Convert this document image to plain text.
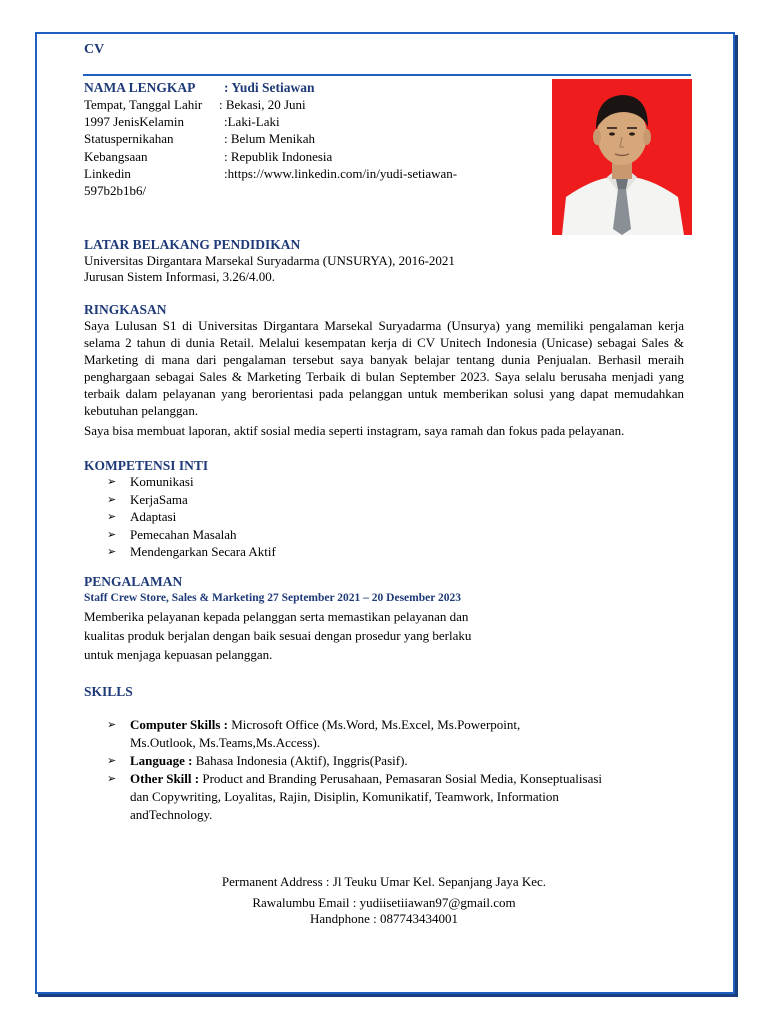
CV
NAMA LENGKAP : Yudi Setiawan
Tempat, Tanggal Lahir : Bekasi, 20 Juni
1997 JenisKelamin	:Laki-Laki
Statuspernikahan	: Belum Menikah
Kebangsaan	: Republik Indonesia
Linkedin	:https://www.linkedin.com/in/yudi-setiawan-
597b2b1b6/
LATAR BELAKANG PENDIDIKAN
Universitas Dirgantara Marsekal Suryadarma (UNSURYA), 2016-2021
Jurusan Sistem Informasi, 3.26/4.00.
RINGKASAN
Saya Lulusan S1 di Universitas Dirgantara Marsekal Suryadarma (Unsurya) yang memiliki pengalaman kerja selama 2 tahun di dunia Retail. Melalui kesempatan kerja di CV Unitech Indonesia (Unicase) sebagai Sales & Marketing di mana dari pengalaman tersebut saya banyak belajar tentang dunia Penjualan. Berhasil meraih penghargaan sebagai Sales & Marketing Terbaik di bulan September 2023. Saya selalu berusaha menjadi yang terbaik dalam pelayanan yang berorientasi pada pelanggan untuk memberikan solusi yang dapat memudahkan kebutuhan pelanggan.
Saya bisa membuat laporan, aktif sosial media seperti instagram, saya ramah dan fokus pada pelayanan.
KOMPETENSI INTI
➢	Komunikasi
➢	KerjaSama
➢	Adaptasi
➢	Pemecahan Masalah
➢	Mendengarkan Secara Aktif
PENGALAMAN
Staff Crew Store, Sales & Marketing 27 September 2021 – 20 Desember 2023
Memberika pelayanan kepada pelanggan serta memastikan pelayanan dan
kualitas produk berjalan dengan baik sesuai dengan prosedur yang berlaku
untuk menjaga kepuasan pelanggan.
SKILLS
➢	Computer Skills : Microsoft Office (Ms.Word, Ms.Excel, Ms.Powerpoint,
Ms.Outlook, Ms.Teams,Ms.Access).
➢	Language : Bahasa Indonesia (Aktif), Inggris(Pasif).
➢	Other Skill : Product and Branding Perusahaan, Pemasaran Sosial Media, Konseptualisasi
dan Copywriting, Loyalitas, Rajin, Disiplin, Komunikatif, Teamwork, Information
andTechnology.
Permanent Address : Jl Teuku Umar Kel. Sepanjang Jaya Kec.
Rawalumbu Email : yudiisetiiawan97@gmail.com
Handphone : 087743434001
